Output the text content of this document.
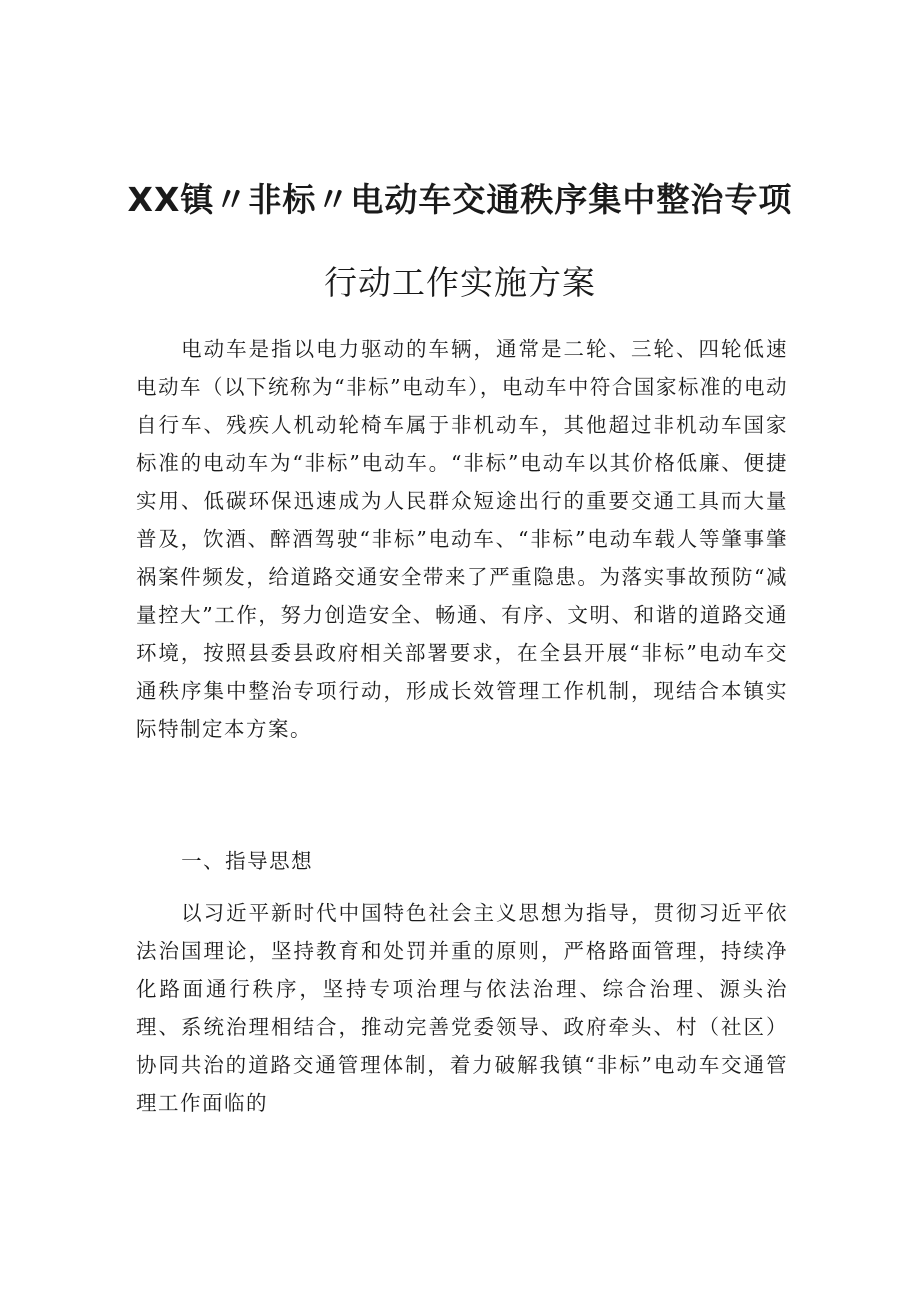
XX镇〃非标〃电动车交通秩序集中整治专项
行动工作实施方案

电动车是指以电力驱动的车辆，通常是二轮、三轮、四轮低速电动车（以下统称为“非标”电动车），电动车中符合国家标准的电动自行车、残疾人机动轮椅车属于非机动车，其他超过非机动车国家标准的电动车为“非标”电动车。“非标”电动车以其价格低廉、便捷实用、低碳环保迅速成为人民群众短途出行的重要交通工具而大量普及，饮酒、醉酒驾驶“非标”电动车、“非标”电动车载人等肇事肇祸案件频发，给道路交通安全带来了严重隐患。为落实事故预防“减量控大”工作，努力创造安全、畅通、有序、文明、和谐的道路交通环境，按照县委县政府相关部署要求，在全县开展“非标”电动车交通秩序集中整治专项行动，形成长效管理工作机制，现结合本镇实际特制定本方案。

一、指导思想

以习近平新时代中国特色社会主义思想为指导，贯彻习近平依法治国理论，坚持教育和处罚并重的原则，严格路面管理，持续净化路面通行秩序，坚持专项治理与依法治理、综合治理、源头治理、系统治理相结合，推动完善党委领导、政府牵头、村（社区）协同共治的道路交通管理体制，着力破解我镇“非标”电动车交通管理工作面临的
